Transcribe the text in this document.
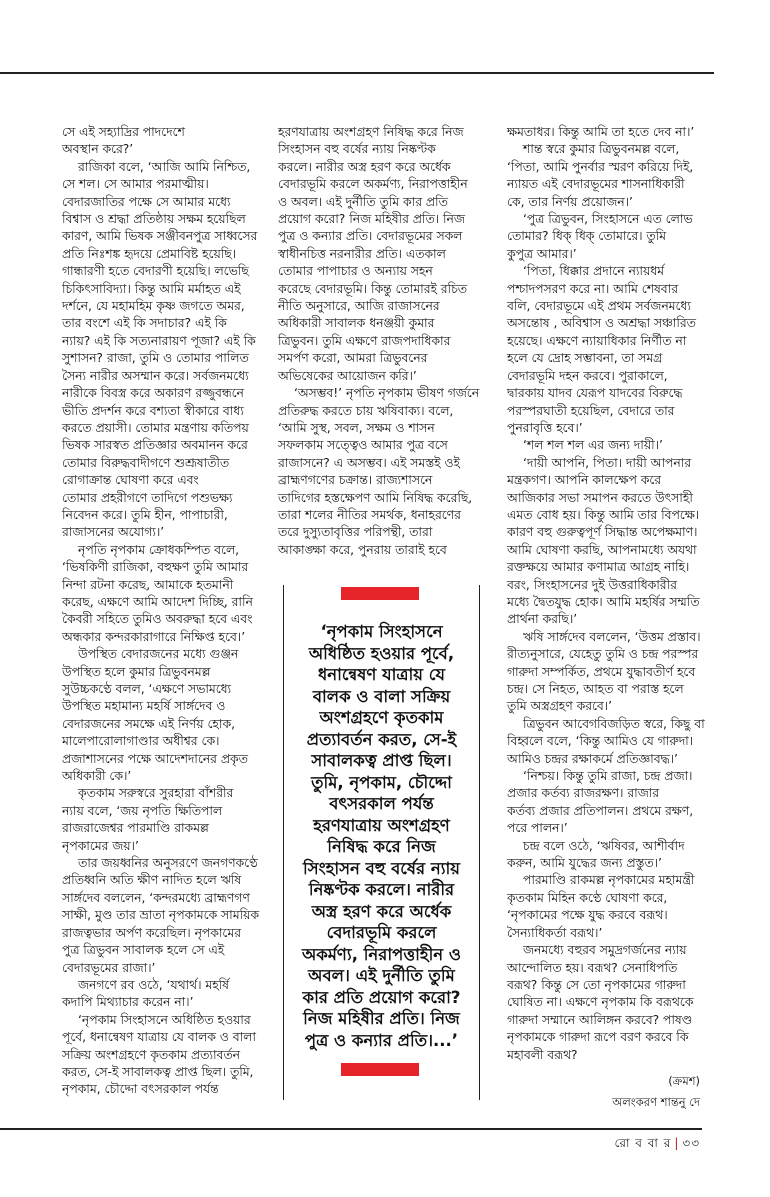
সে এই সহ্যাদ্রির পাদদেশে
অবস্থান করে?’
রাজিকা বলে, ‘আজি আমি নিশ্চিত,
সে শল। সে আমার পরমাত্মীয়।
বেদারজাতির পক্ষে সে আমার মধ্যে
বিশ্বাস ও শ্রদ্ধা প্রতিষ্ঠায় সক্ষম হয়েছিল
কারণ, আমি ভিষক সঞ্জীবনপুত্র সাধ্বসের
প্রতি নিঃশঙ্ক হৃদয়ে প্রেমাবিষ্ট হয়েছি।
গান্ধারণী হতে বেদারণী হয়েছি। লভেছি
চিকিৎসাবিদ্যা। কিন্তু আমি মর্মাহত এই
দর্শনে, যে মহামহিম কৃষ্ণ জগতে অমর,
তার বংশে এই কি সদাচার? এই কি
ন্যায়? এই কি সত্যনারায়ণ পূজা? এই কি
সুশাসন? রাজা, তুমি ও তোমার পালিত
সৈন্য নারীর অসম্মান করে। সর্বজনমধ্যে
নারীকে বিবস্ত্র করে অকারণ রজ্জুবন্ধনে
ভীতি প্রদর্শন করে বশ্যতা স্বীকারে বাধ্য
করতে প্রয়াসী। তোমার মন্ত্রণায় কতিপয়
ভিষক সারস্বত প্রতিজ্ঞার অবমানন করে
তোমার বিরুদ্ধবাদীগণে শুশ্রূষাতীত
রোগাক্রান্ত ঘোষণা করে এবং
তোমার প্রহরীগণে তাদিগে পশুভক্ষ্য
নিবেদন করে। তুমি হীন, পাপাচারী,
রাজাসনের অযোগ্য।’
নৃপতি নৃপকাম ক্রোধকম্পিত বলে,
‘ভিষকিণী রাজিকা, বহুক্ষণ তুমি আমার
নিন্দা রটনা করেছ, আমাকে হতমানী
করেছ, এক্ষণে আমি আদেশ দিচ্ছি, রানি
কৈবরী সহিতে তুমিও অবরুদ্ধা হবে এবং
অন্ধকার কন্দরকারাগারে নিক্ষিপ্ত হবে।’
উপস্থিত বেদারজনের মধ্যে গুঞ্জন
উপস্থিত হলে কুমার ত্রিভুবনমল্ল
সুউচ্চকণ্ঠে বলল, ‘এক্ষণে সভামধ্যে
উপস্থিত মহামান্য মহর্ষি সার্ঙ্গদেব ও
বেদারজনের সমক্ষে এই নির্ণয় হোক,
মালেপারোলাগাণ্ডার অধীশ্বর কে।
প্রজাশাসনের পক্ষে আদেশদানের প্রকৃত
অধিকারী কে।’
কৃতকাম সরুস্বরে সুরহারা বাঁশরীর
ন্যায় বলে, ‘জয় নৃপতি ক্ষিতিপাল
রাজরাজেশ্বর পারমাণ্ডি রাকমল্ল
নৃপকামের জয়।’
তার জয়ধ্বনির অনুসরণে জনগণকণ্ঠে
প্রতিধ্বনি অতি ক্ষীণ নাদিত হলে ঋষি
সার্ঙ্গদেব বললেন, ‘কন্দরমধ্যে ব্রাহ্মণগণ
সাক্ষী, মুণ্ড তার ভ্রাতা নৃপকামকে সাময়িক
রাজত্বভার অর্পণ করেছিল। নৃপকামের
পুত্র ত্রিভুবন সাবালক হলে সে এই
বেদারভূমের রাজা।’
জনগণে রব ওঠে, ‘যথার্থ। মহর্ষি
কদাপি মিথ্যাচার করেন না।’
‘নৃপকাম সিংহাসনে অধিষ্ঠিত হওয়ার
পূর্বে, ধনান্বেষণ যাত্রায় যে বালক ও বালা
সক্রিয় অংশগ্রহণে কৃতকাম প্রত্যাবর্তন
করত, সে-ই সাবালকত্ব প্রাপ্ত ছিল। তুমি,
নৃপকাম, চৌদ্দো বৎসরকাল পর্যন্ত
হরণযাত্রায় অংশগ্রহণ নিষিদ্ধ করে নিজ
সিংহাসন বহু বর্ষের ন্যায় নিষ্কণ্টক
করলে। নারীর অস্ত্র হরণ করে অর্ধেক
বেদারভূমি করলে অকর্মণ্য, নিরাপত্তাহীন
ও অবল। এই দুর্নীতি তুমি কার প্রতি
প্রয়োগ করো? নিজ মহিষীর প্রতি। নিজ
পুত্র ও কন্যার প্রতি। বেদারভূমের সকল
স্বাধীনচিত্ত নরনারীর প্রতি। এতকাল
তোমার পাপাচার ও অন্যায় সহন
করেছে বেদারভূমি। কিন্তু তোমারই রচিত
নীতি অনুসারে, আজি রাজাসনের
অধিকারী সাবালক ধনঞ্জয়ী কুমার
ত্রিভুবন। তুমি এক্ষণে রাজপদাধিকার
সমর্পণ করো, আমরা ত্রিভুবনের
অভিষেকের আয়োজন করি।’
‘অসম্ভব!’ নৃপতি নৃপকাম ভীষণ গর্জনে
প্রতিরুদ্ধ করতে চায় ঋষিবাক্য। বলে,
‘আমি সুস্থ, সবল, সক্ষম ও শাসন
সফলকাম সত্ত্বেও আমার পুত্র বসে
রাজাসনে? এ অসম্ভব। এই সমস্তই ওই
ব্রাহ্মণগণের চক্রান্ত। রাজ্যশাসনে
তাদিগের হস্তক্ষেপণ আমি নিষিদ্ধ করেছি,
তারা শলের নীতির সমর্থক, ধনাহরণের
তরে দুস্যুতাবৃত্তির পরিপন্থী, তারা
আকাঙ্ক্ষা করে, পুনরায় তারাই হবে
ক্ষমতাধর। কিন্তু আমি তা হতে দেব না।’
শান্ত স্বরে কুমার ত্রিভুবনমল্ল বলে,
‘পিতা, আমি পুনর্বার স্মরণ করিয়ে দিই,
ন্যায়ত এই বেদারভূমের শাসনাধিকারী
কে, তার নির্ণয় প্রয়োজন।’
‘পুত্র ত্রিভুবন, সিংহাসনে এত লোভ
তোমার? ধিক্ ধিক্ তোমারে। তুমি
কুপুত্র আমার।’
‘পিতা, ধিক্কার প্রদানে ন্যায়ধর্ম
পশ্চাদপসরণ করে না। আমি শেষবার
বলি, বেদারভূমে এই প্রথম সর্বজনমধ্যে
অসন্তোষ , অবিশ্বাস ও অশ্রদ্ধা সঞ্চারিত
হয়েছে। এক্ষণে ন্যায়াধিকার নির্ণীত না
হলে যে দ্রোহ সম্ভাবনা, তা সমগ্র
বেদারভূমি দহন করবে। পুরাকালে,
দ্বারকায় যাদব যেরূপ যাদবের বিরুদ্ধে
পরস্পরঘাতী হয়েছিল, বেদারে তার
পুনরাবৃত্তি হবে।’
‘শল শল শল এর জন্য দায়ী।’
‘দায়ী আপনি, পিতা। দায়ী আপনার
মন্ত্রকগণ। আপনি কালক্ষেপ করে
আজিকার সভা সমাপন করতে উৎসাহী
এমত বোধ হয়। কিন্তু আমি তার বিপক্ষে।
কারণ বহু গুরুত্বপূর্ণ সিদ্ধান্ত অপেক্ষমাণ।
আমি ঘোষণা করছি, আপনামধ্যে অযথা
রক্তক্ষয়ে আমার কণামাত্র আগ্রহ নাহি।
বরং, সিংহাসনের দুই উত্তরাধিকারীর
মধ্যে দ্বৈতযুদ্ধ হোক। আমি মহর্ষির সম্মতি
প্রার্থনা করছি।’
ঋষি সার্ঙ্গদেব বললেন, ‘উত্তম প্রস্তাব।
রীত্যনুসারে, যেহেতু তুমি ও চন্দ্র পরস্পর
গারুদা সম্পর্কিত, প্রথমে যুদ্ধাবতীর্ণ হবে
চন্দ্র। সে নিহত, আহত বা পরাস্ত হলে
তুমি অস্ত্রগ্রহণ করবে।’
ত্রিভুবন আবেগবিজড়িত স্বরে, কিছু বা
বিহ্বলে বলে, ‘কিন্তু আমিও যে গারুদা।
আমিও চন্দ্রর রক্ষাকর্মে প্রতিজ্ঞাবদ্ধ।’
‘নিশ্চয়। কিন্তু তুমি রাজা, চন্দ্র প্রজা।
প্রজার কর্তব্য রাজরক্ষণ। রাজার
কর্তব্য প্রজার প্রতিপালন। প্রথমে রক্ষণ,
পরে পালন।’
চন্দ্র বলে ওঠে, ‘ঋষিবর, আশীর্বাদ
করুন, আমি যুদ্ধের জন্য প্রস্তুত।’
পারমাণ্ডি রাকমল্ল নৃপকামের মহামন্ত্রী
কৃতকাম মিহিন কণ্ঠে ঘোষণা করে,
‘নৃপকামের পক্ষে যুদ্ধ করবে বরূথ।
সৈন্যাধিকর্তা বরূথ।’
জনমধ্যে বহুরব সমুদ্রগর্জনের ন্যায়
আন্দোলিত হয়। বরূথ? সেনাধিপতি
বরূথ? কিন্তু সে তো নৃপকামের গারুদা
ঘোষিত না। এক্ষণে নৃপকাম কি বরূথকে
গারুদা সম্মানে আলিঙ্গন করবে? পাষণ্ড
নৃপকামকে গারুদা রূপে বরণ করবে কি
মহাবলী বরূথ?
‘নৃপকাম সিংহাসনে
অধিষ্ঠিত হওয়ার পূর্বে,
ধনান্বেষণ যাত্রায় যে
বালক ও বালা সক্রিয়
অংশগ্রহণে কৃতকাম
প্রত্যাবর্তন করত, সে-ই
সাবালকত্ব প্রাপ্ত ছিল।
তুমি, নৃপকাম, চৌদ্দো
বৎসরকাল পর্যন্ত
হরণযাত্রায় অংশগ্রহণ
নিষিদ্ধ করে নিজ
সিংহাসন বহু বর্ষের ন্যায়
নিষ্কণ্টক করলে। নারীর
অস্ত্র হরণ করে অর্ধেক
বেদারভূমি করলে
অকর্মণ্য, নিরাপত্তাহীন ও
অবল। এই দুর্নীতি তুমি
কার প্রতি প্রয়োগ করো?
নিজ মহিষীর প্রতি। নিজ
পুত্র ও কন্যার প্রতি।...’
(ক্রমশ)
অলংকরণ শান্তনু দে
রো ব বা র | ৩৩
